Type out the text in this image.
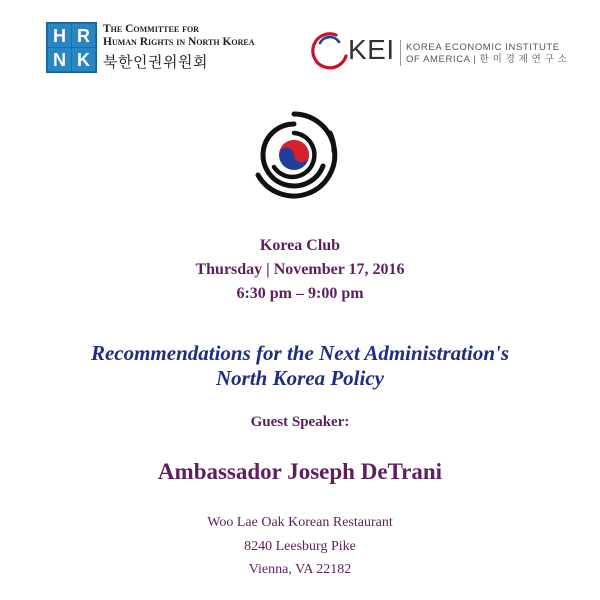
H R
N K
The Committee for
Human Rights in North Korea
북한인권위원회	KEI KOREA ECONOMIC INSTITUTE
OF AMERICA | 한 미 경 제 연 구 소
Korea Club
Thursday | November 17, 2016
6:30 pm – 9:00 pm
Recommendations for the Next Administration's
North Korea Policy
Guest Speaker:
Ambassador Joseph DeTrani
Woo Lae Oak Korean Restaurant
8240 Leesburg Pike
Vienna, VA 22182
